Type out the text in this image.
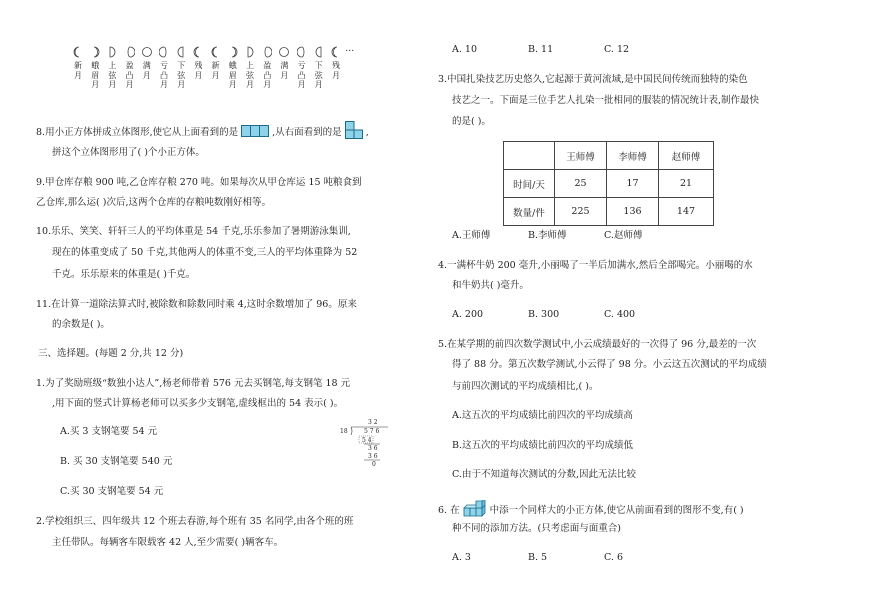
新月
蛾眉月
上弦月
盈凸月
满月
亏凸月
下弦月
残月
新月
蛾眉月
上弦月
盈凸月
满月
亏凸月
下弦月
残月
…
8.用小正方体拼成立体图形,使它从上面看到的是	,从右面看到的是	,
拼这个立体图形用了( )个小正方体。
9.甲仓库存粮 900 吨,乙仓库存粮 270 吨。如果每次从甲仓库运 15 吨粮食到
乙仓库,那么运( )次后,这两个仓库的存粮吨数刚好相等。
10.乐乐、笑笑、轩轩三人的平均体重是 54 千克,乐乐参加了暑期游泳集训,
现在的体重变成了 50 千克,其他两人的体重不变,三人的平均体重降为 52
千克。乐乐原来的体重是( )千克。
11.在计算一道除法算式时,被除数和除数同时乘 4,这时余数增加了 96。原来
的余数是( )。
三、选择题。(每题 2 分,共 12 分)
1.为了奖励班级“数独小达人”,杨老师带着 576 元去买钢笔,每支钢笔 18 元
,用下面的竖式计算杨老师可以买多少支钢笔,虚线框出的 54 表示( )。
A.买 3 支钢笔要 54 元
B. 买 30 支钢笔要 540 元
C.买 30 支钢笔要 54 元
3 2
18	5 7 6
5 4
3 6
3 6
0
2.学校组织三、四年级共 12 个班去春游,每个班有 35 名同学,由各个班的班
主任带队。每辆客车限载客 42 人,至少需要( )辆客车。
A. 10	B. 11	C. 12
3.中国扎染技艺历史悠久,它起源于黄河流域,是中国民间传统而独特的染色
技艺之一。下面是三位手艺人扎染一批相同的服装的情况统计表,制作最快
的是( )。
	王师傅	李师傅	赵师傅
时间/天	25	17	21
数量/件	225	136	147
A.王师傅	B.李师傅	C.赵师傅
4.一满杯牛奶 200 毫升,小丽喝了一半后加满水,然后全部喝完。小丽喝的水
和牛奶共( )毫升。
A. 200	B. 300	C. 400
5.在某学期的前四次数学测试中,小云成绩最好的一次得了 96 分,最差的一次
得了 88 分。第五次数学测试,小云得了 98 分。小云这五次测试的平均成绩
与前四次测试的平均成绩相比,( )。
A.这五次的平均成绩比前四次的平均成绩高
B.这五次的平均成绩比前四次的平均成绩低
C.由于不知道每次测试的分数,因此无法比较
6. 在	中添一个同样大的小正方体,使它从前面看到的图形不变,有( )
种不同的添加方法。(只考虑面与面重合)
A. 3	B. 5	C. 6
